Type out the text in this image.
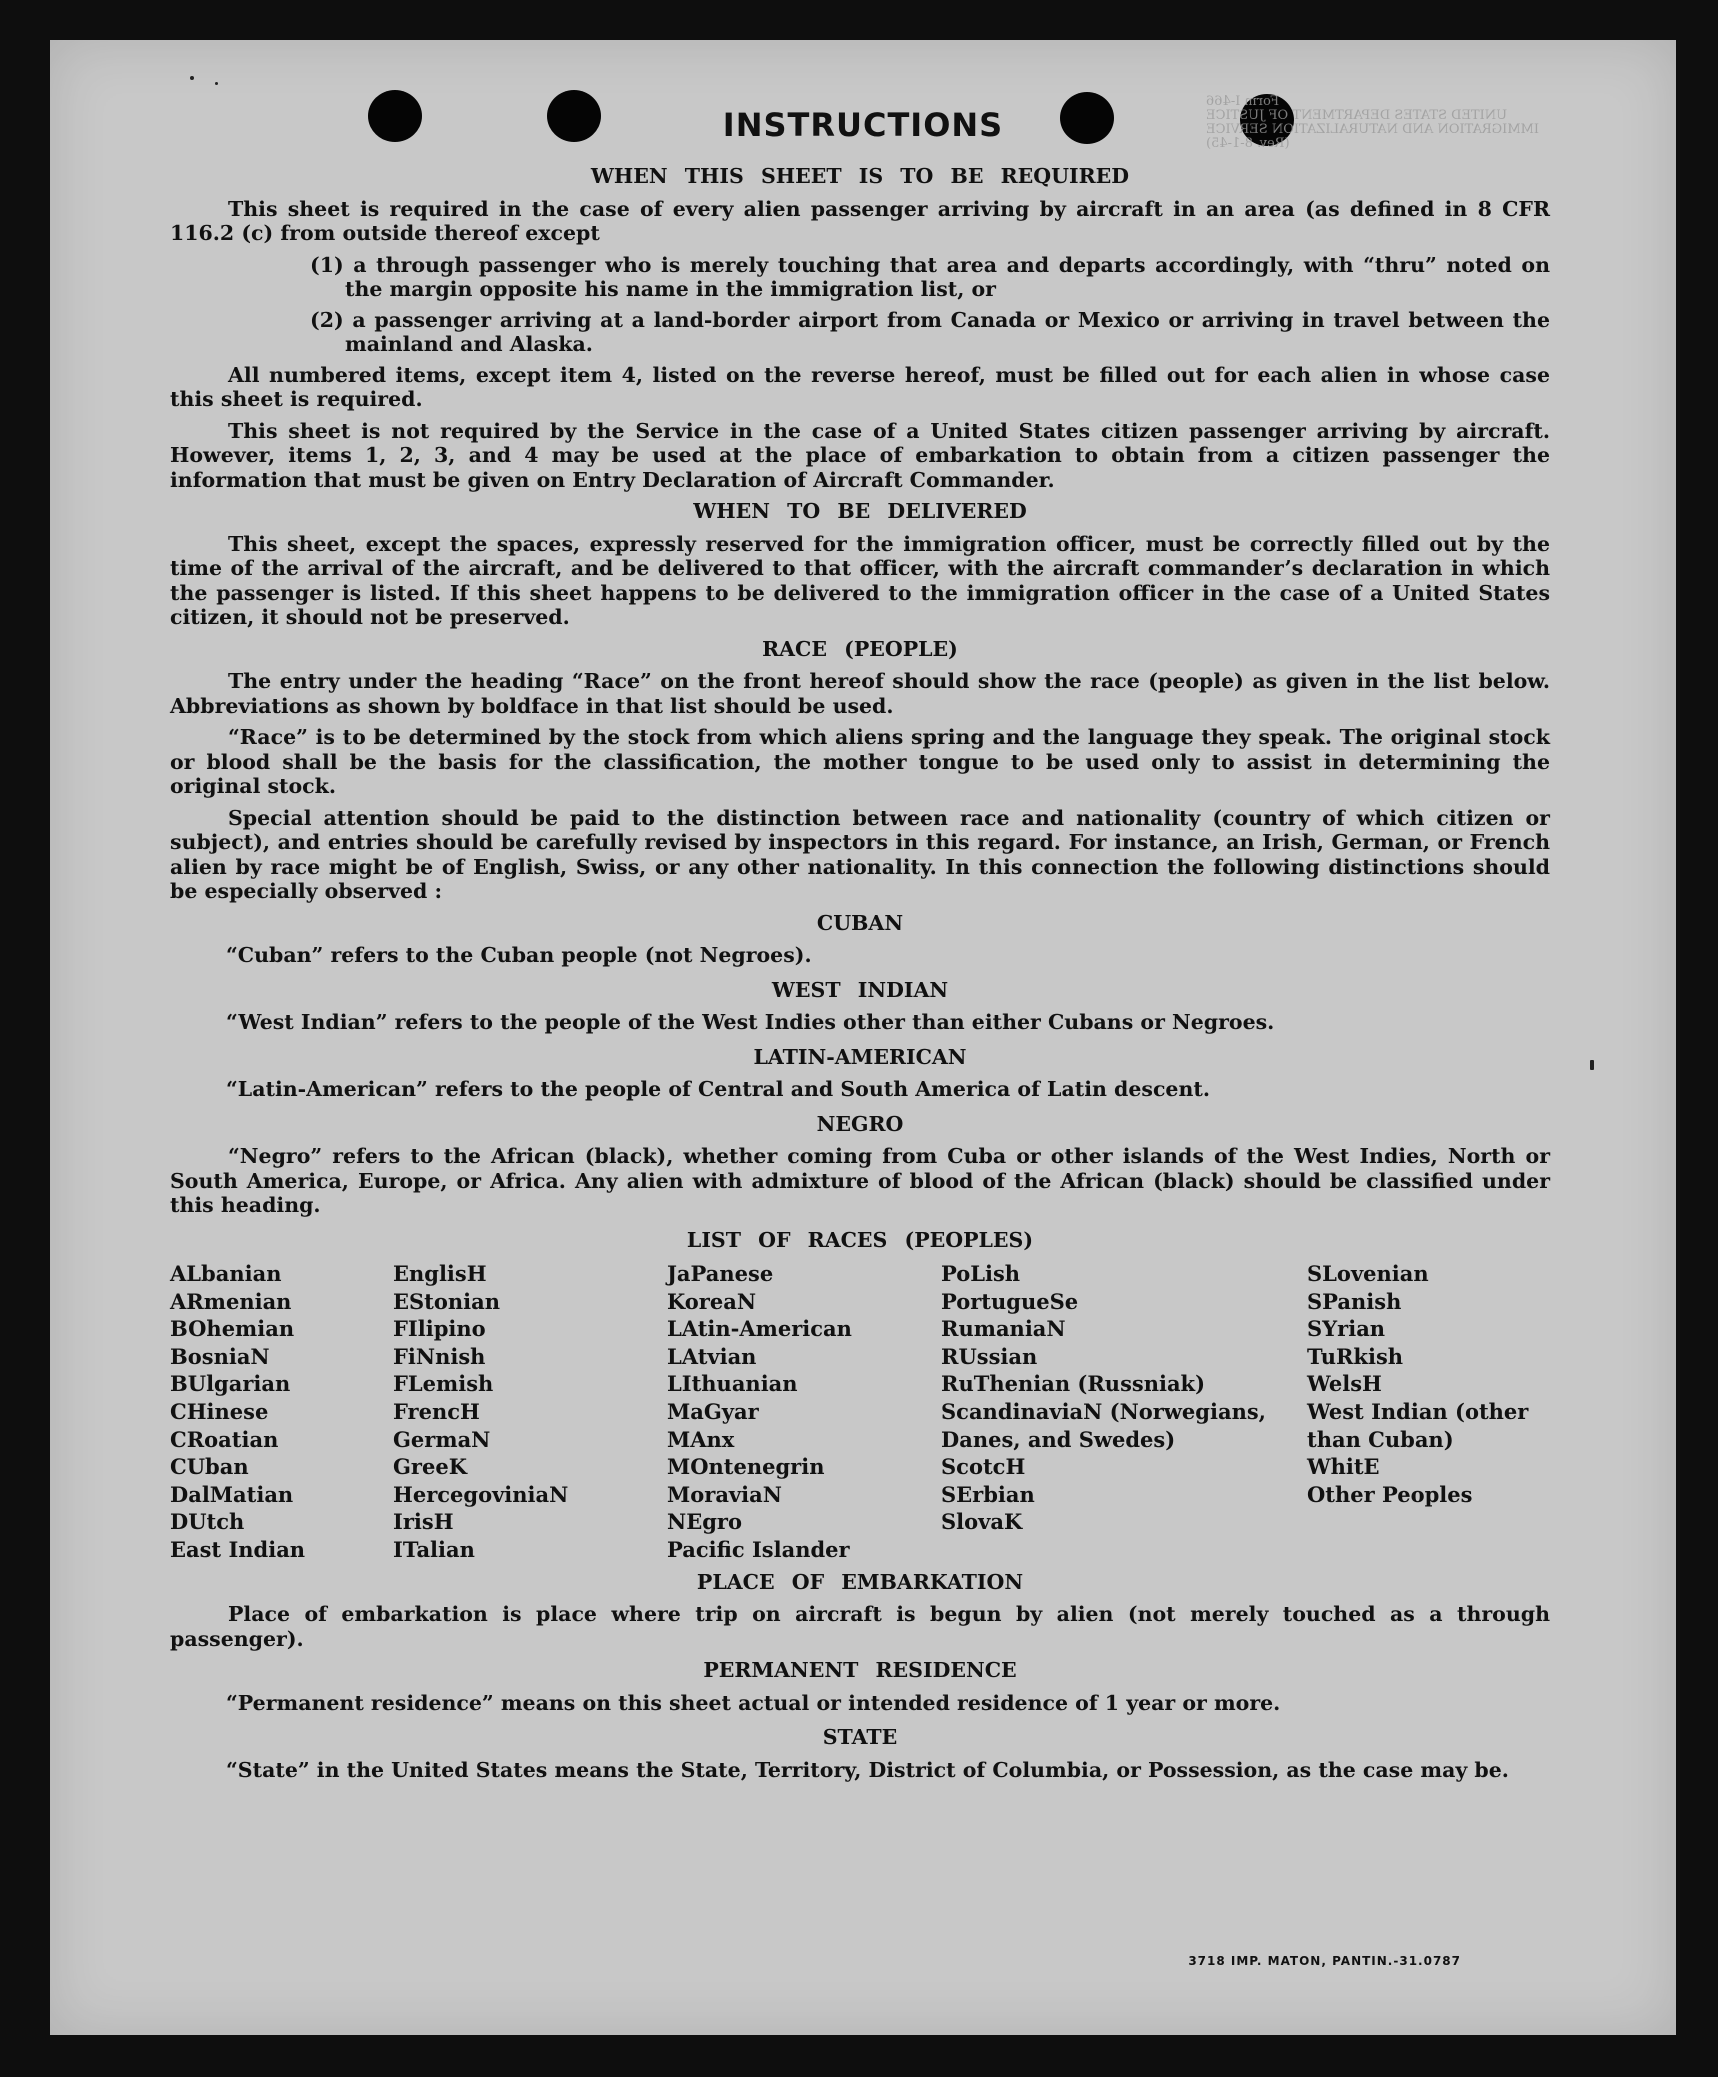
Form I-466
UNITED STATES DEPARTMENT OF JUSTICE
IMMIGRATION AND NATURALIZATION SERVICE
(Rev. 8-1-45)
INSTRUCTIONS
WHEN THIS SHEET IS TO BE REQUIRED
This sheet is required in the case of every alien passenger arriving by aircraft in an area (as defined in 8 CFR 116.2 (c) from outside thereof except
(1) a through passenger who is merely touching that area and departs accordingly, with “thru” noted on the margin opposite his name in the immigration list, or
(2) a passenger arriving at a land-border airport from Canada or Mexico or arriving in travel between the mainland and Alaska.
All numbered items, except item 4, listed on the reverse hereof, must be filled out for each alien in whose case this sheet is required.
This sheet is not required by the Service in the case of a United States citizen passenger arriving by aircraft. However, items 1, 2, 3, and 4 may be used at the place of embarkation to obtain from a citizen passenger the information that must be given on Entry Declaration of Aircraft Commander.
WHEN TO BE DELIVERED
This sheet, except the spaces, expressly reserved for the immigration officer, must be correctly filled out by the time of the arrival of the aircraft, and be delivered to that officer, with the aircraft commander’s declaration in which the passenger is listed. If this sheet happens to be delivered to the immigration officer in the case of a United States citizen, it should not be preserved.
RACE (PEOPLE)
The entry under the heading “Race” on the front hereof should show the race (people) as given in the list below. Abbreviations as shown by boldface in that list should be used.
“Race” is to be determined by the stock from which aliens spring and the language they speak. The original stock or blood shall be the basis for the classification, the mother tongue to be used only to assist in determining the original stock.
Special attention should be paid to the distinction between race and nationality (country of which citizen or subject), and entries should be carefully revised by inspectors in this regard. For instance, an Irish, German, or French alien by race might be of English, Swiss, or any other nationality. In this connection the following distinctions should be especially observed :
CUBAN
“Cuban” refers to the Cuban people (not Negroes).
WEST INDIAN
“West Indian” refers to the people of the West Indies other than either Cubans or Negroes.
LATIN-AMERICAN
“Latin-American” refers to the people of Central and South America of Latin descent.
NEGRO
“Negro” refers to the African (black), whether coming from Cuba or other islands of the West Indies, North or South America, Europe, or Africa. Any alien with admixture of blood of the African (black) should be classified under this heading.
LIST OF RACES (PEOPLES)
ALbanian
ARmenian
BOhemian
BosniaN
BUlgarian
CHinese
CRoatian
CUban
DalMatian
DUtch
East Indian
EnglisH
EStonian
FIlipino
FiNnish
FLemish
FrencH
GermaN
GreeK
HercegoviniaN
IrisH
ITalian
JaPanese
KoreaN
LAtin-American
LAtvian
LIthuanian
MaGyar
MAnx
MOntenegrin
MoraviaN
NEgro
Pacific Islander
PoLish
PortugueSe
RumaniaN
RUssian
RuThenian (Russniak)
ScandinaviaN (Norwegians, Danes, and Swedes)
ScotcH
SErbian
SlovaK
SLovenian
SPanish
SYrian
TuRkish
WelsH
West Indian (other than Cuban)
WhitE
Other Peoples
PLACE OF EMBARKATION
Place of embarkation is place where trip on aircraft is begun by alien (not merely touched as a through passenger).
PERMANENT RESIDENCE
“Permanent residence” means on this sheet actual or intended residence of 1 year or more.
STATE
“State” in the United States means the State, Territory, District of Columbia, or Possession, as the case may be.
3718 IMP. MATON, PANTIN.-31.0787
